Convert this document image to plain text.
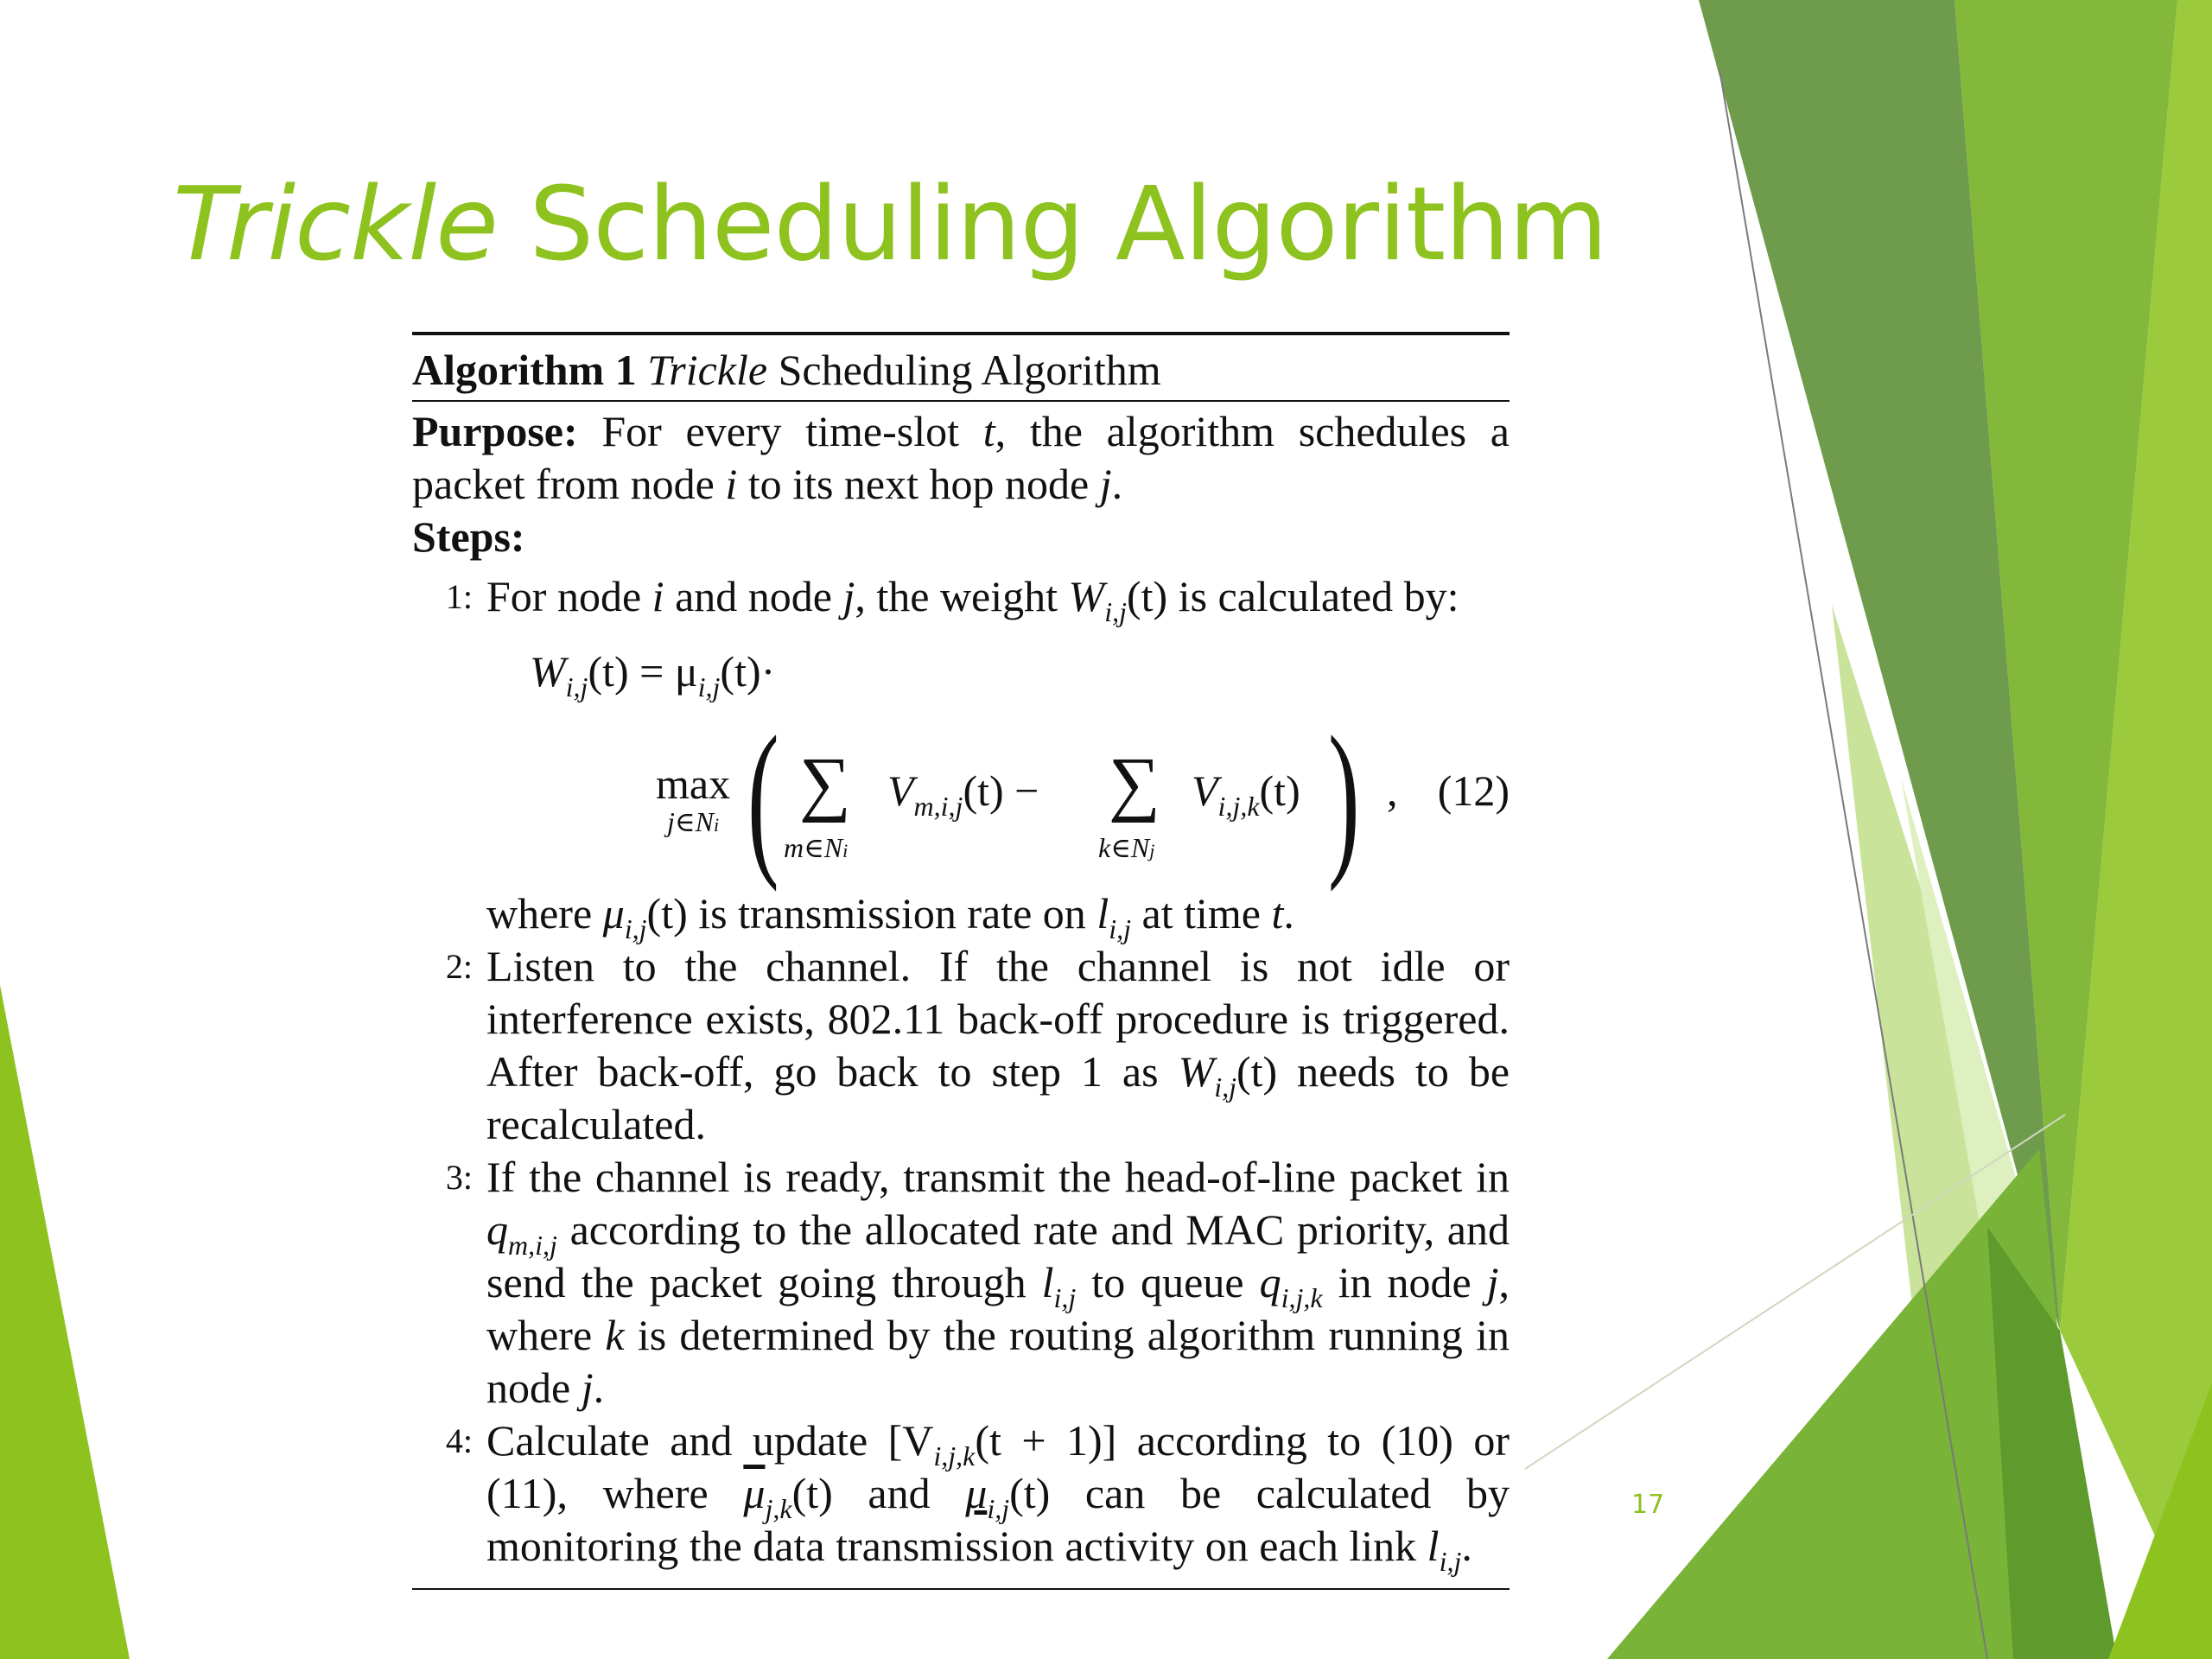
Trickle Scheduling Algorithm
17
Algorithm 1 Trickle Scheduling Algorithm
Purpose: For every time-slot t, the algorithm schedules a packet from node i to its next hop node j.
Steps:
1: For node i and node j, the weight $W_{i,j}(t)$ is calculated by:
$W_{i,j}(t) = \mu_{i,j}(t)\cdot$
max
j∈Ni ( ∑
m∈Ni
$V_{m,i,j}(t)$ − ∑
k∈Nj
$V_{i,j,k}(t)$ ) , (12)
where $\mu_{i,j}(t)$ is transmission rate on $l_{i,j}$ at time t.
2: Listen to the channel. If the channel is not idle or interference exists, 802.11 back-off procedure is triggered. After back-off, go back to step 1 as $W_{i,j}(t)$ needs to be recalculated.
3: If the channel is ready, transmit the head-of-line packet in $q_{m,i,j}$ according to the allocated rate and MAC priority, and send the packet going through $l_{i,j}$ to queue $q_{i,j,k}$ in node j, where k is determined by the routing algorithm running in node j.
4: Calculate and update $[V_{i,j,k}(t + 1)]$ according to (10) or (11), where $\overline{\mu}_{j,k}(t)$ and $\mu_{i,j}(t)$ can be calculated by monitoring the data transmission activity on each link $l_{i,j}$.
